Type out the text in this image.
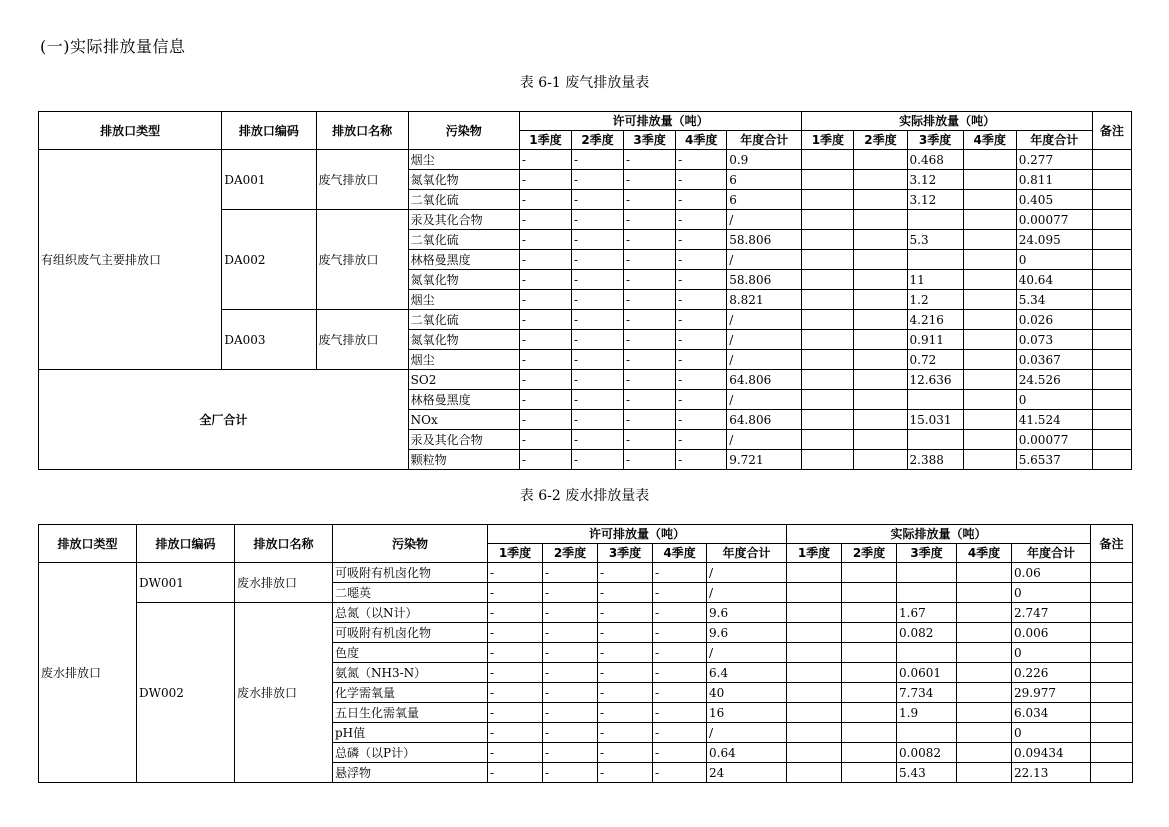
(一)实际排放量信息
表 6-1 废气排放量表
排放口类型	排放口编码	排放口名称	污染物	许可排放量（吨）					实际排放量（吨）					备注
				1季度	2季度	3季度	4季度	年度合计	1季度	2季度	3季度	4季度	年度合计	
有组织废气主要排放口	DA001	废气排放口	烟尘	-	-	-	-	0.9			0.468		0.277	
			氮氧化物	-	-	-	-	6			3.12		0.811	
			二氧化硫	-	-	-	-	6			3.12		0.405	
	DA002	废气排放口	汞及其化合物	-	-	-	-	/					0.00077	
			二氧化硫	-	-	-	-	58.806			5.3		24.095	
			林格曼黑度	-	-	-	-	/					0	
			氮氧化物	-	-	-	-	58.806			11		40.64	
			烟尘	-	-	-	-	8.821			1.2		5.34	
	DA003	废气排放口	二氧化硫	-	-	-	-	/			4.216		0.026	
			氮氧化物	-	-	-	-	/			0.911		0.073	
			烟尘	-	-	-	-	/			0.72		0.0367	
全厂合计			SO2	-	-	-	-	64.806			12.636		24.526	
			林格曼黑度	-	-	-	-	/					0	
			NOx	-	-	-	-	64.806			15.031		41.524	
			汞及其化合物	-	-	-	-	/					0.00077	
			颗粒物	-	-	-	-	9.721			2.388		5.6537	
表 6-2 废水排放量表
排放口类型	排放口编码	排放口名称	污染物	许可排放量（吨）					实际排放量（吨）					备注
				1季度	2季度	3季度	4季度	年度合计	1季度	2季度	3季度	4季度	年度合计	
废水排放口	DW001	废水排放口	可吸附有机卤化物	-	-	-	-	/					0.06	
			二噁英	-	-	-	-	/					0	
	DW002	废水排放口	总氮（以N计）	-	-	-	-	9.6			1.67		2.747	
			可吸附有机卤化物	-	-	-	-	9.6			0.082		0.006	
			色度	-	-	-	-	/					0	
			氨氮（NH3-N）	-	-	-	-	6.4			0.0601		0.226	
			化学需氧量	-	-	-	-	40			7.734		29.977	
			五日生化需氧量	-	-	-	-	16			1.9		6.034	
			pH值	-	-	-	-	/					0	
			总磷（以P计）	-	-	-	-	0.64			0.0082		0.09434	
			悬浮物	-	-	-	-	24			5.43		22.13	
